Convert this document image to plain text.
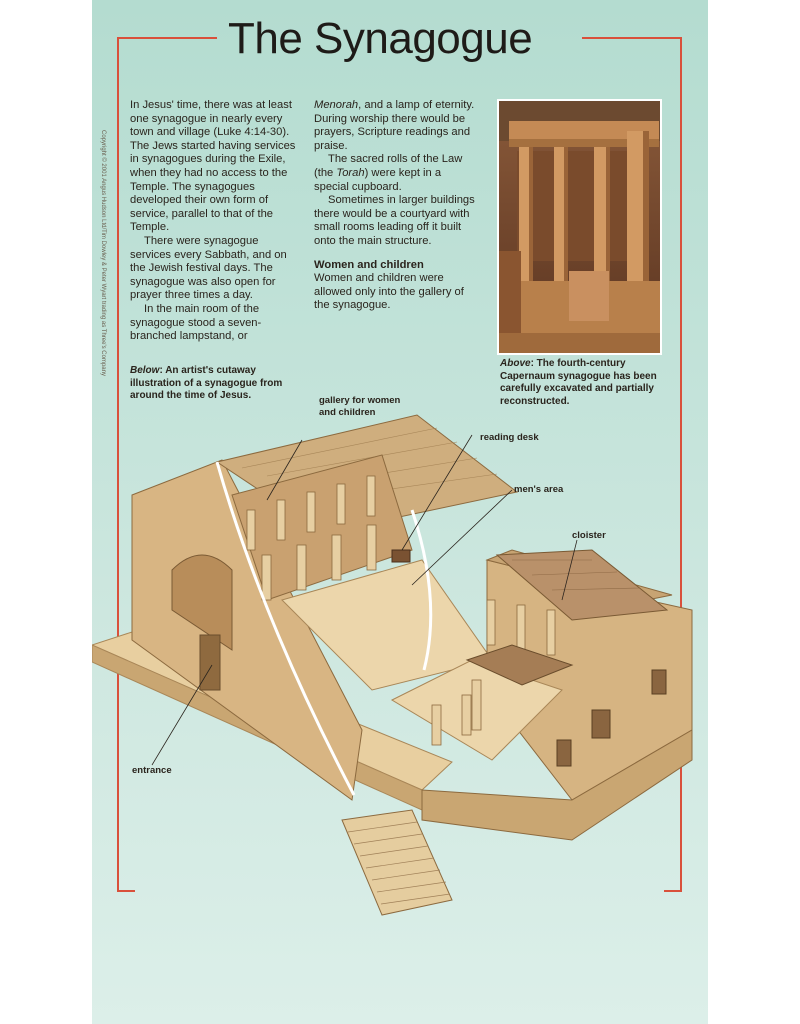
The Synagogue
Copyright © 2001 Angus Hudson Ltd/Tim Dowley & Peter Wyart trading as Three's Company

In Jesus' time, there was at least one synagogue in nearly every town and village (Luke 4:14-30). The Jews started having services in synagogues during the Exile, when they had no access to the Temple. The synagogues developed their own form of service, parallel to that of the Temple.

There were synagogue services every Sabbath, and on the Jewish festival days. The synagogue was also open for prayer three times a day.

In the main room of the synagogue stood a seven-branched lampstand, or

Menorah, and a lamp of eternity. During worship there would be prayers, Scripture readings and praise.

The sacred rolls of the Law (the Torah) were kept in a special cupboard.

Sometimes in larger buildings there would be a courtyard with small rooms leading off it built onto the main structure.

Women and children

Women and children were allowed only into the gallery of the synagogue.

Below: An artist's cutaway illustration of a synagogue from around the time of Jesus.
Above: The fourth-century Capernaum synagogue has been carefully excavated and partially reconstructed.
gallery for women and children
reading desk
men's area
cloister
entrance
